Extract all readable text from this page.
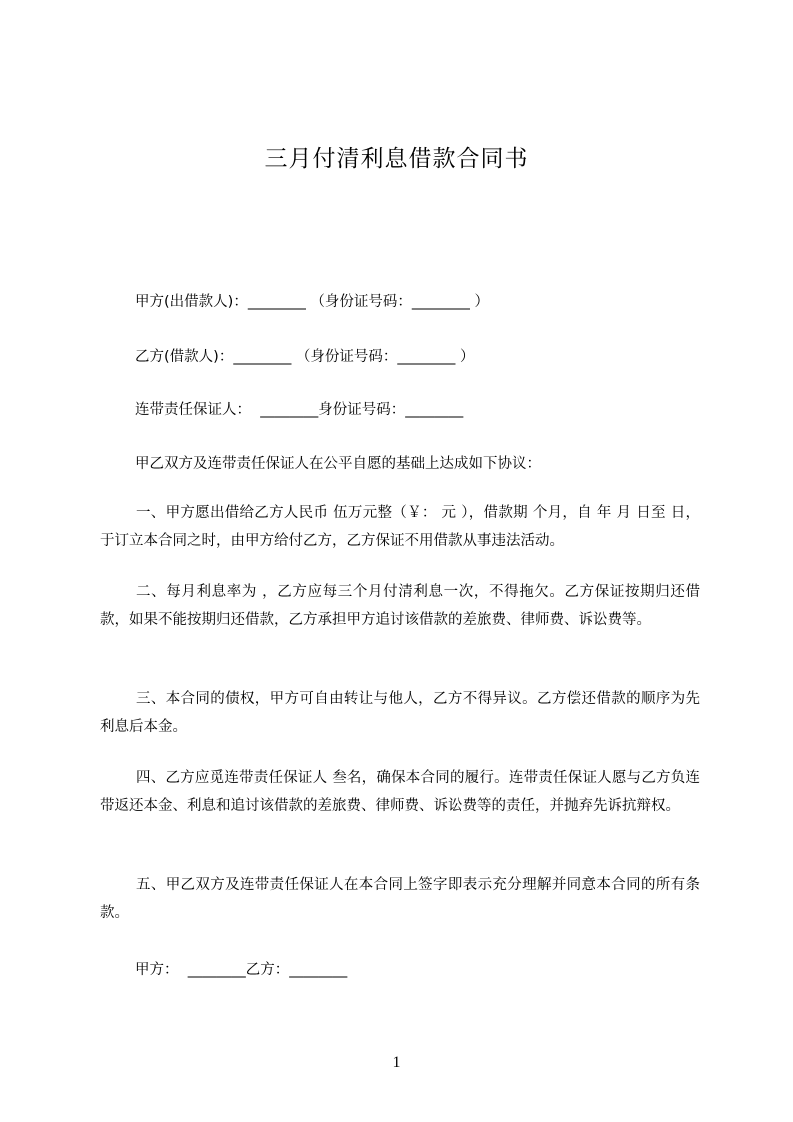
三月付清利息借款合同书
甲方(出借款人)：________ （身份证号码：________ ）
乙方(借款人)：________ （身份证号码：________ ）
连带责任保证人：  ________身份证号码：________
甲乙双方及连带责任保证人在公平自愿的基础上达成如下协议：
一、甲方愿出借给乙方人民币 伍万元整（￥： 元 ），借款期 个月，自 年 月 日至 日，于订立本合同之时，由甲方给付乙方，乙方保证不用借款从事违法活动。
二、每月利息率为 ，乙方应每三个月付清利息一次，不得拖欠。乙方保证按期归还借款，如果不能按期归还借款，乙方承担甲方追讨该借款的差旅费、律师费、诉讼费等。
三、本合同的债权，甲方可自由转让与他人，乙方不得异议。乙方偿还借款的顺序为先利息后本金。
四、乙方应觅连带责任保证人 叁名，确保本合同的履行。连带责任保证人愿与乙方负连带返还本金、利息和追讨该借款的差旅费、律师费、诉讼费等的责任，并抛弃先诉抗辩权。
五、甲乙双方及连带责任保证人在本合同上签字即表示充分理解并同意本合同的所有条款。
甲方：  ________乙方：________
1
